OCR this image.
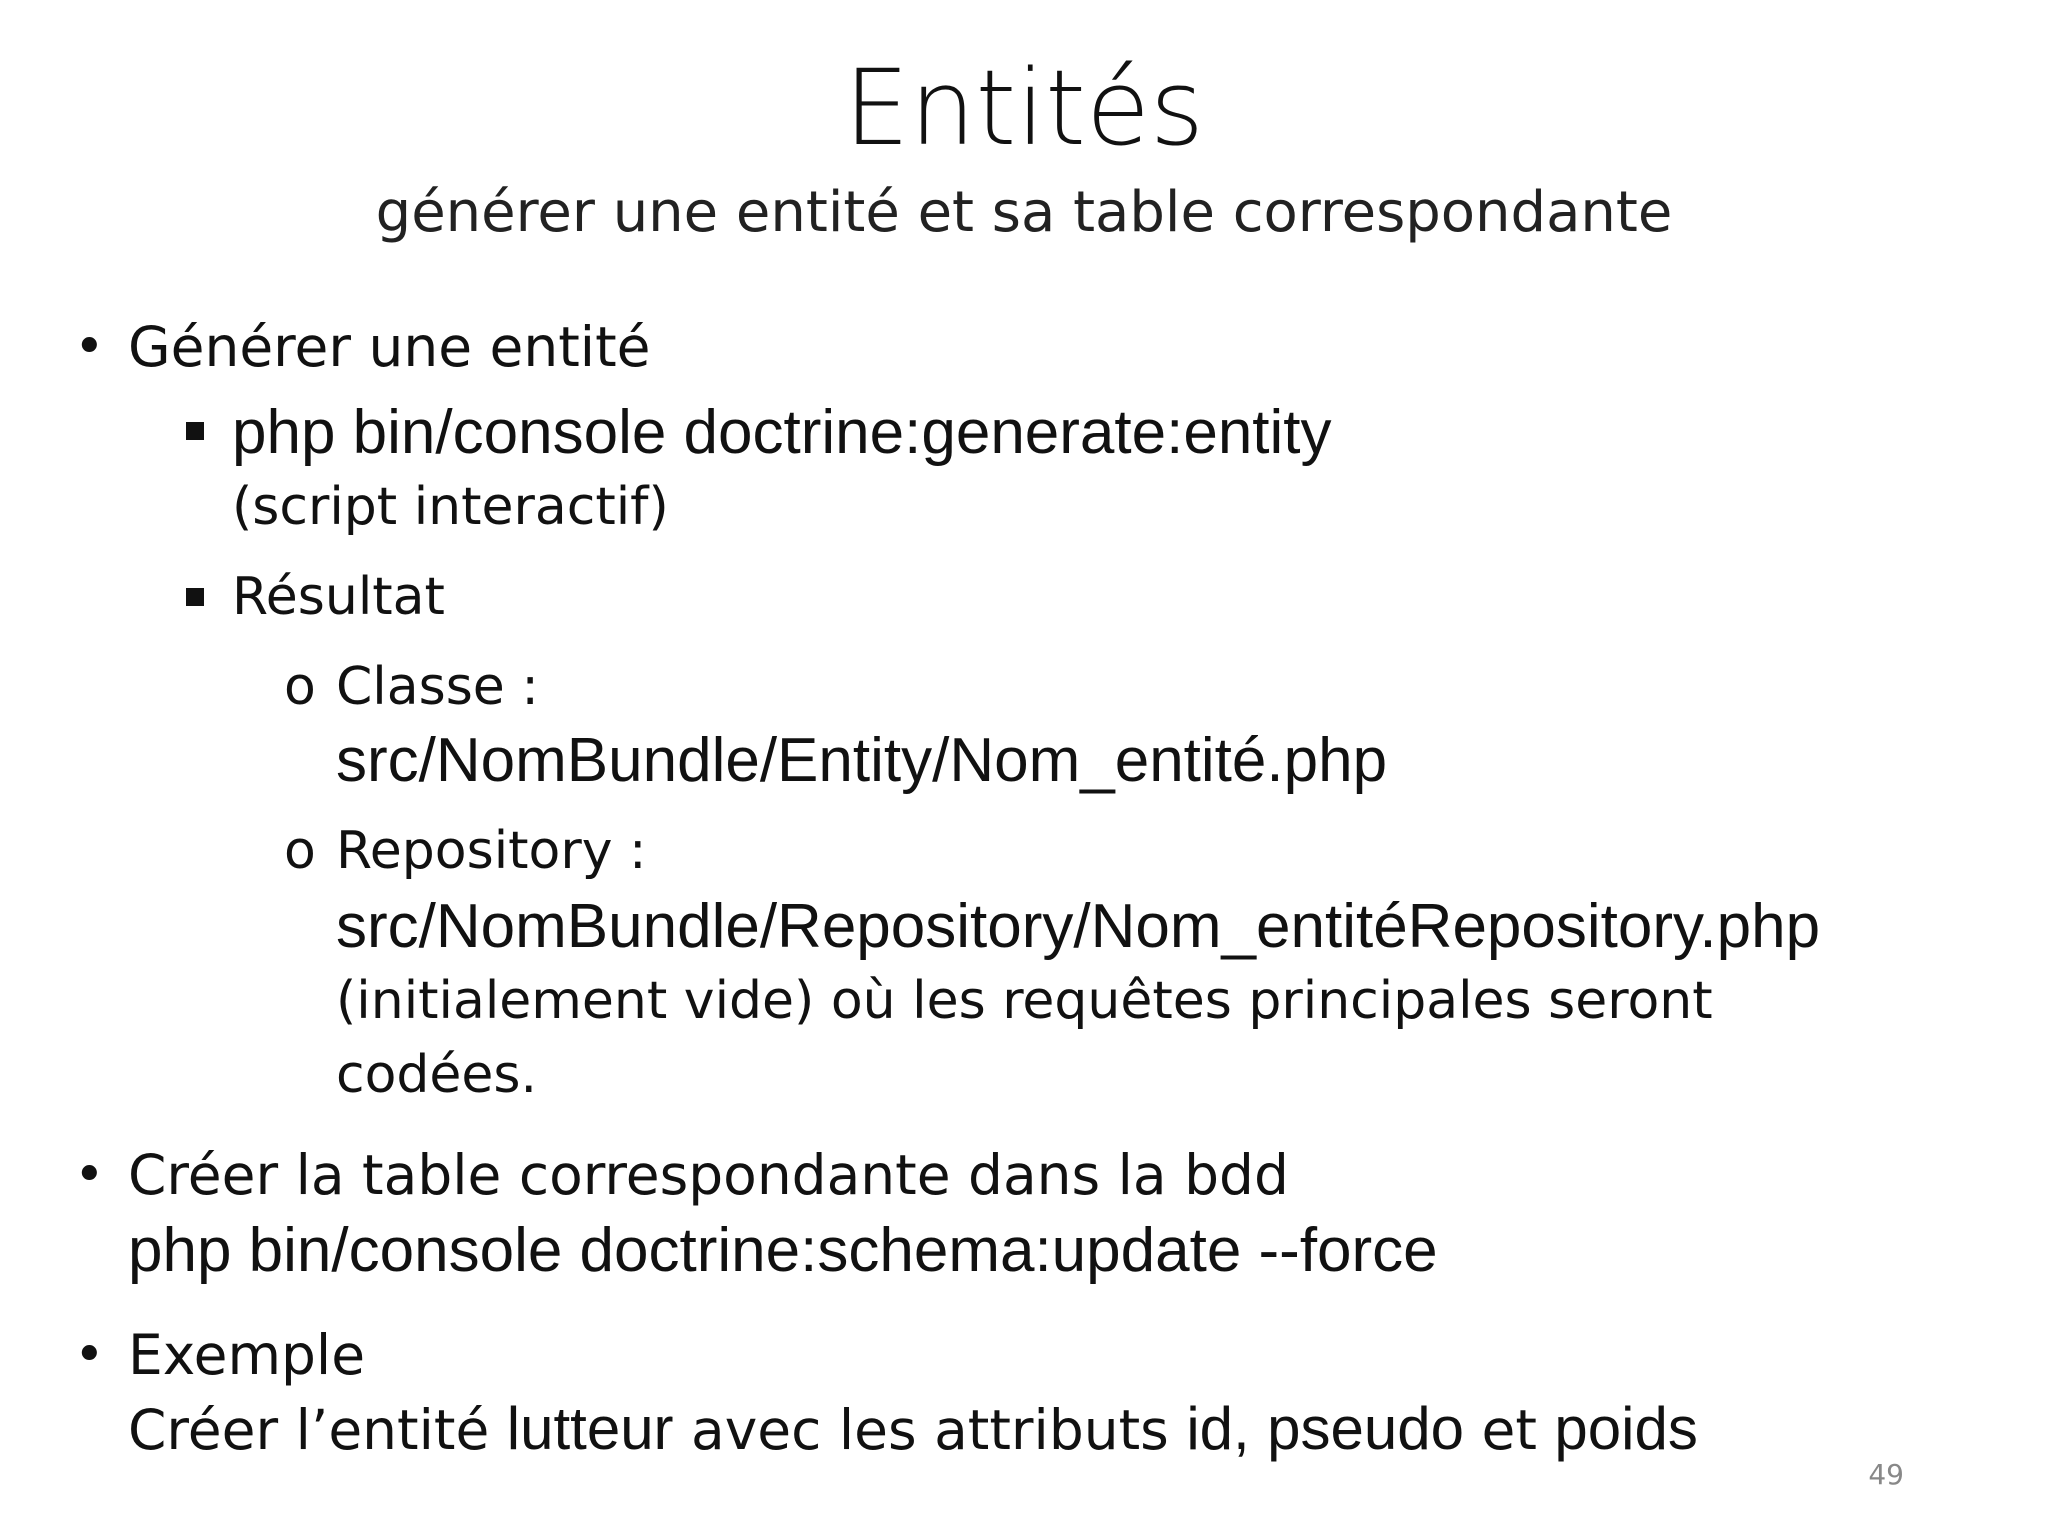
Entités
générer une entité et sa table correspondante
• Générer une entité
php bin/console doctrine:generate:entity
(script interactif)
Résultat
o Classe :
src/NomBundle/Entity/Nom_entité.php
o Repository :
src/NomBundle/Repository/Nom_entitéRepository.php
(initialement vide) où les requêtes principales seront
codées.
• Créer la table correspondante dans la bdd
php bin/console doctrine:schema:update --force
• Exemple
Créer l’entité lutteur avec les attributs id, pseudo et poids
49
